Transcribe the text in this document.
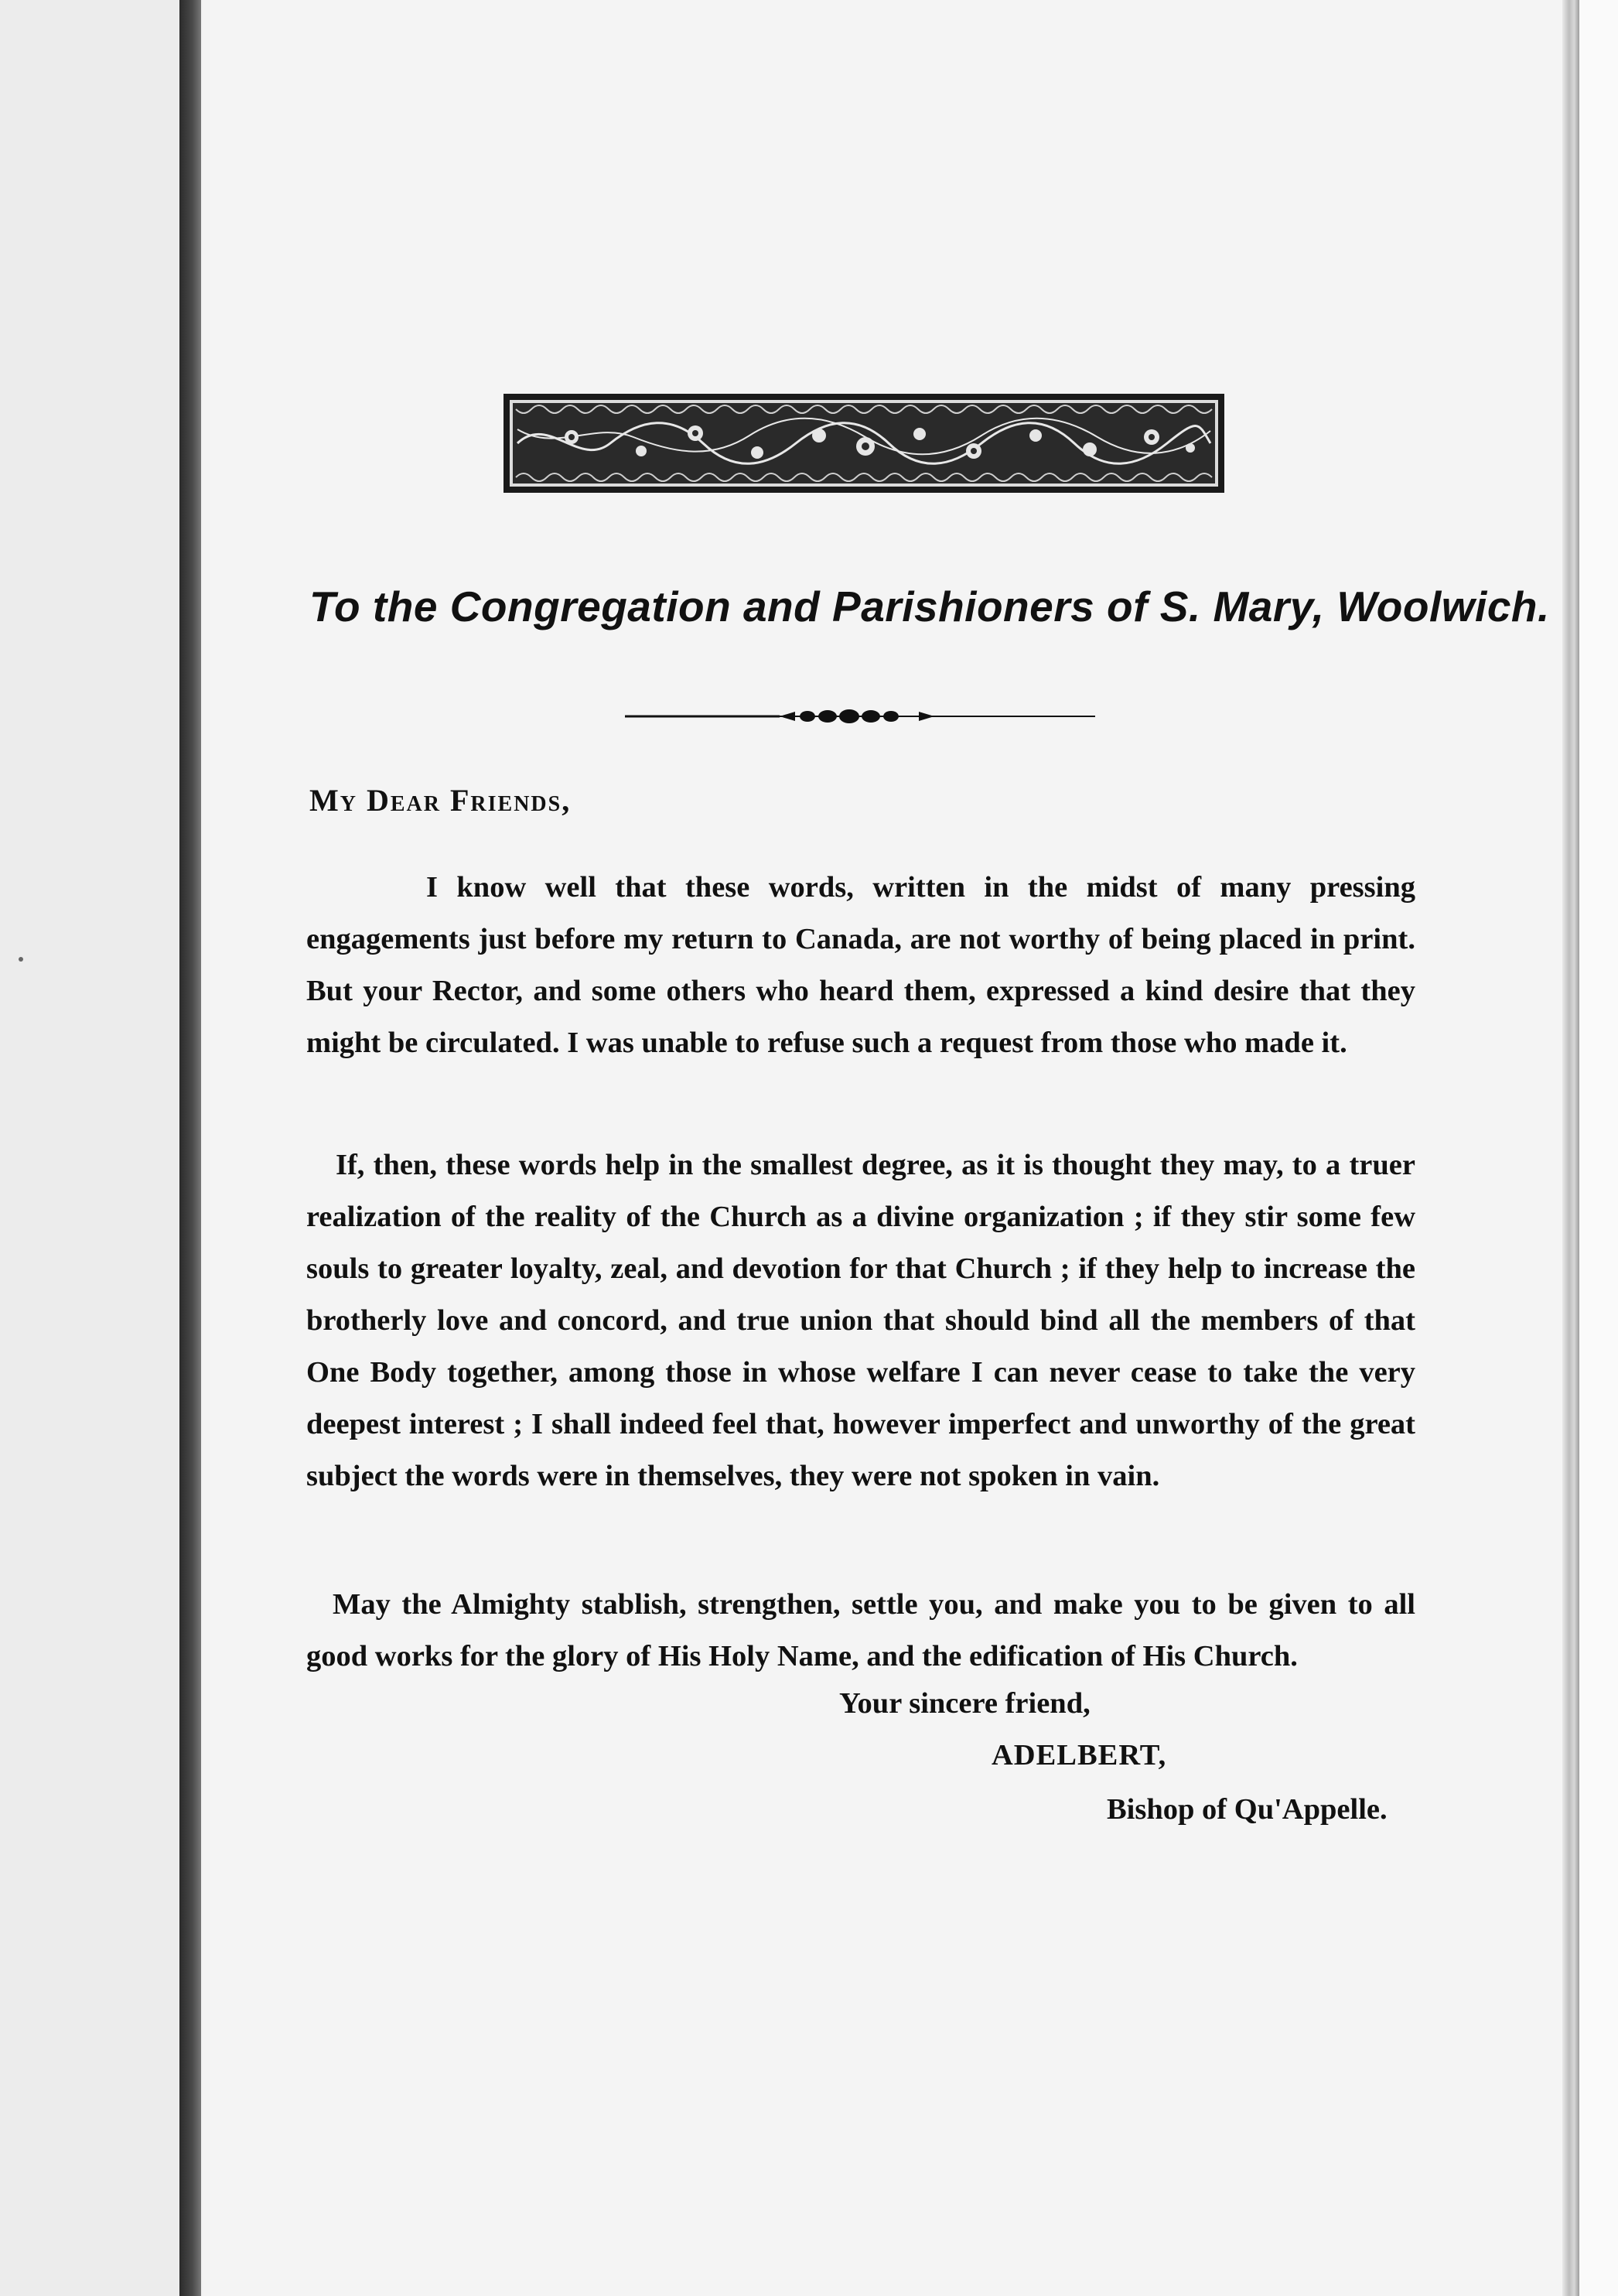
To the Congregation and Parishioners of S. Mary, Woolwich.
My Dear Friends,

I know well that these words, written in the midst of many pressing engagements just before my return to Canada, are not worthy of being placed in print. But your Rector, and some others who heard them, expressed a kind desire that they might be circulated. I was unable to refuse such a request from those who made it.

If, then, these words help in the smallest degree, as it is thought they may, to a truer realization of the reality of the Church as a divine organization ; if they stir some few souls to greater loyalty, zeal, and devotion for that Church ; if they help to increase the brotherly love and concord, and true union that should bind all the members of that One Body together, among those in whose welfare I can never cease to take the very deepest interest ; I shall indeed feel that, however imperfect and unworthy of the great subject the words were in themselves, they were not spoken in vain.

May the Almighty stablish, strengthen, settle you, and make you to be given to all good works for the glory of His Holy Name, and the edification of His Church.

Your sincere friend,
ADELBERT,
Bishop of Qu'Appelle.
